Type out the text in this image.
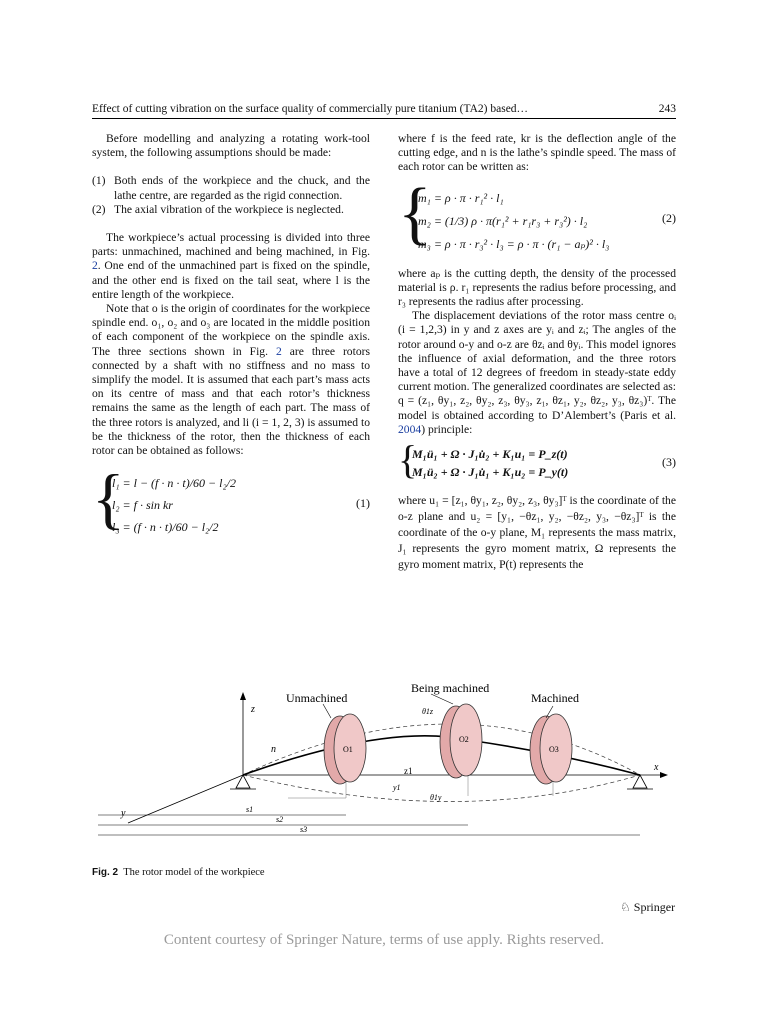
Effect of cutting vibration on the surface quality of commercially pure titanium (TA2) based…	243

Before modelling and analyzing a rotating work-tool system, the following assumptions should be made:

(1) Both ends of the workpiece and the chuck, and the lathe centre, are regarded as the rigid connection.
(2) The axial vibration of the workpiece is neglected.

The workpiece’s actual processing is divided into three parts: unmachined, machined and being machined, in Fig. 2. One end of the unmachined part is fixed on the spindle, and the other end is fixed on the tail seat, where l is the entire length of the workpiece.

Note that o is the origin of coordinates for the workpiece spindle end. o₁, o₂ and o₃ are located in the middle position of each component of the workpiece on the spindle axis. The three sections shown in Fig. 2 are three rotors connected by a shaft with no stiffness and no mass to simplify the model. It is assumed that each part’s mass acts on its centre of mass and that each rotor’s thickness remains the same as the length of each part. The mass of the three rotors is analyzed, and li (i = 1, 2, 3) is assumed to be the thickness of the rotor, then the thickness of each rotor can be obtained as follows:

{
l₁ = l − (f · n · t)/60 − l₂/2
l₂ = f · sin kr
l₃ = (f · n · t)/60 − l₂/2
(1)

where f is the feed rate, kr is the deflection angle of the cutting edge, and n is the lathe’s spindle speed. The mass of each rotor can be written as:

{
m₁ = ρ · π · r₁² · l₁
m₂ = (1/3) ρ · π(r₁² + r₁r₃ + r₃²) · l₂
m₃ = ρ · π · r₃² · l₃ = ρ · π · (r₁ − aₚ)² · l₃
(2)

where aₚ is the cutting depth, the density of the processed material is ρ. r₁ represents the radius before processing, and r₃ represents the radius after processing.

The displacement deviations of the rotor mass centre oᵢ (i = 1,2,3) in y and z axes are yᵢ and zᵢ; The angles of the rotor around o-y and o-z are θzᵢ and θyᵢ. This model ignores the influence of axial deformation, and the three rotors have a total of 12 degrees of freedom in steady-state eddy current motion. The generalized coordinates are selected as: q = (z₁, θy₁, z₂, θy₂, z₃, θy₃, z₁, θz₁, y₂, θz₂, y₃, θz₃)ᵀ. The model is obtained according to D’Alembert’s (Paris et al. 2004) principle:

{
M₁ü₁ + Ω · J₁u̇₂ + K₁u₁ = P_z(t)
M₁ü₂ + Ω · J₁u̇₁ + K₁u₂ = P_y(t)
(3)

where u₁ = [z₁, θy₁, z₂, θy₂, z₃, θy₃]ᵀ is the coordinate of the o-z plane and u₂ = [y₁, −θz₁, y₂, −θz₂, y₃, −θz₃]ᵀ is the coordinate of the o-y plane, M₁ represents the mass matrix, J₁ represents the gyro moment matrix, Ω represents the gyro moment matrix, P(t) represents the

Being machined
Unmachined	Machined
z
x
y
n	O1
O2
O3
z1
y1
θ1z
θ1y
s1
s2
s3
Fig. 2 The rotor model of the workpiece
♘ Springer
Content courtesy of Springer Nature, terms of use apply. Rights reserved.
